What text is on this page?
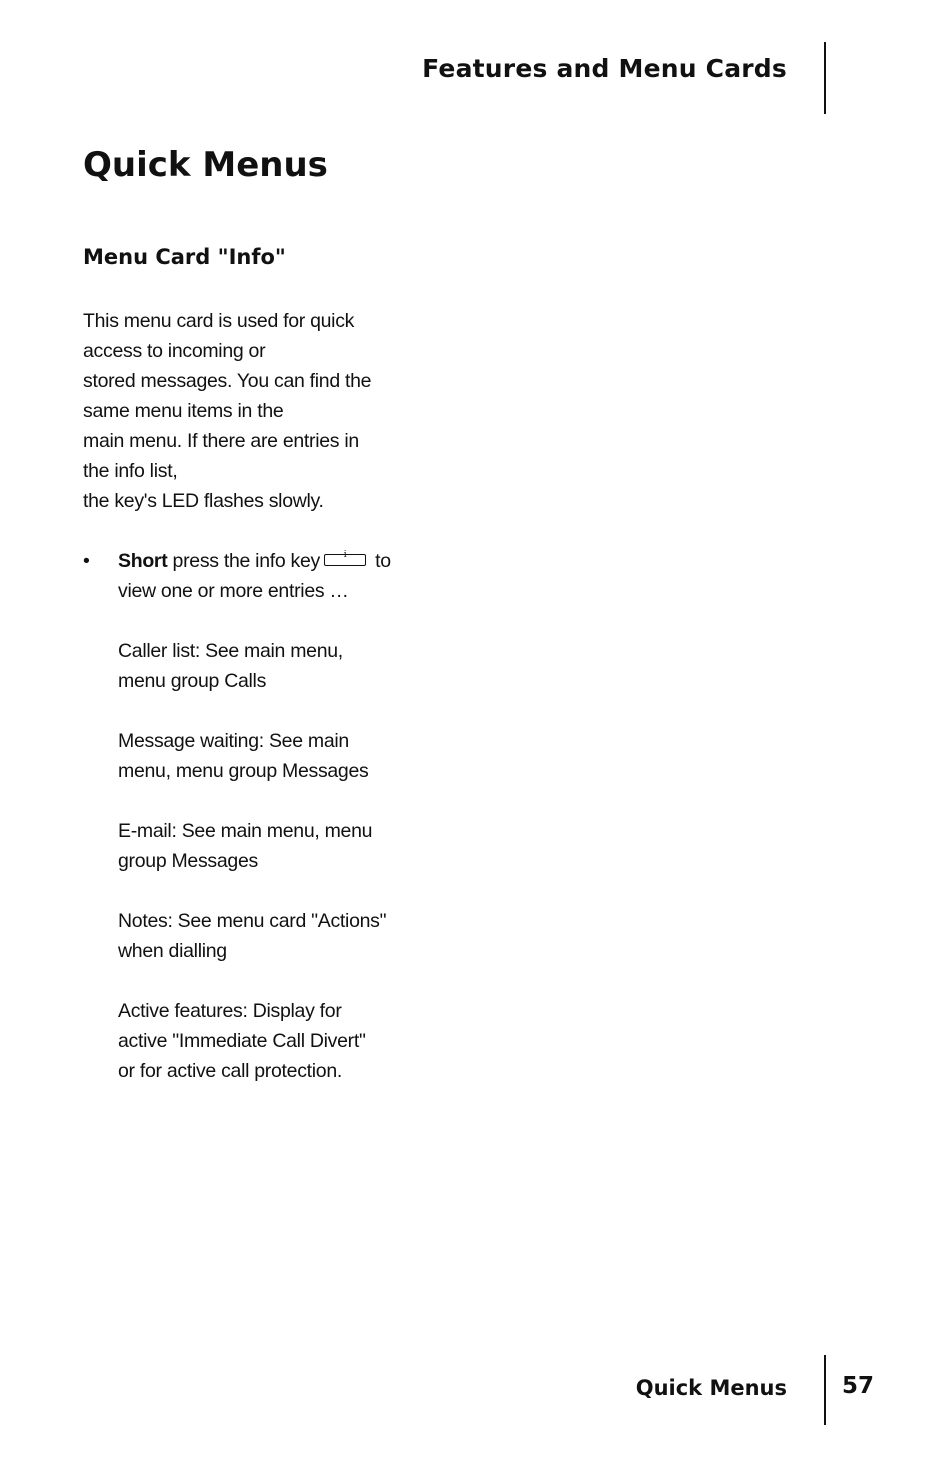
Features and Menu Cards
Quick Menus
Menu Card "Info"

This menu card is used for quick
access to incoming or
stored messages. You can find the
same menu items in the
main menu. If there are entries in
the info list,
the key's LED flashes slowly.

• Short press the info keyi	to
view one or more entries …

Caller list: See main menu,
menu group Calls

Message waiting: See main
menu, menu group Messages

E-mail: See main menu, menu
group Messages

Notes: See menu card "Actions"
when dialling

Active features: Display for
active "Immediate Call Divert"
or for active call protection.

Quick Menus 57
